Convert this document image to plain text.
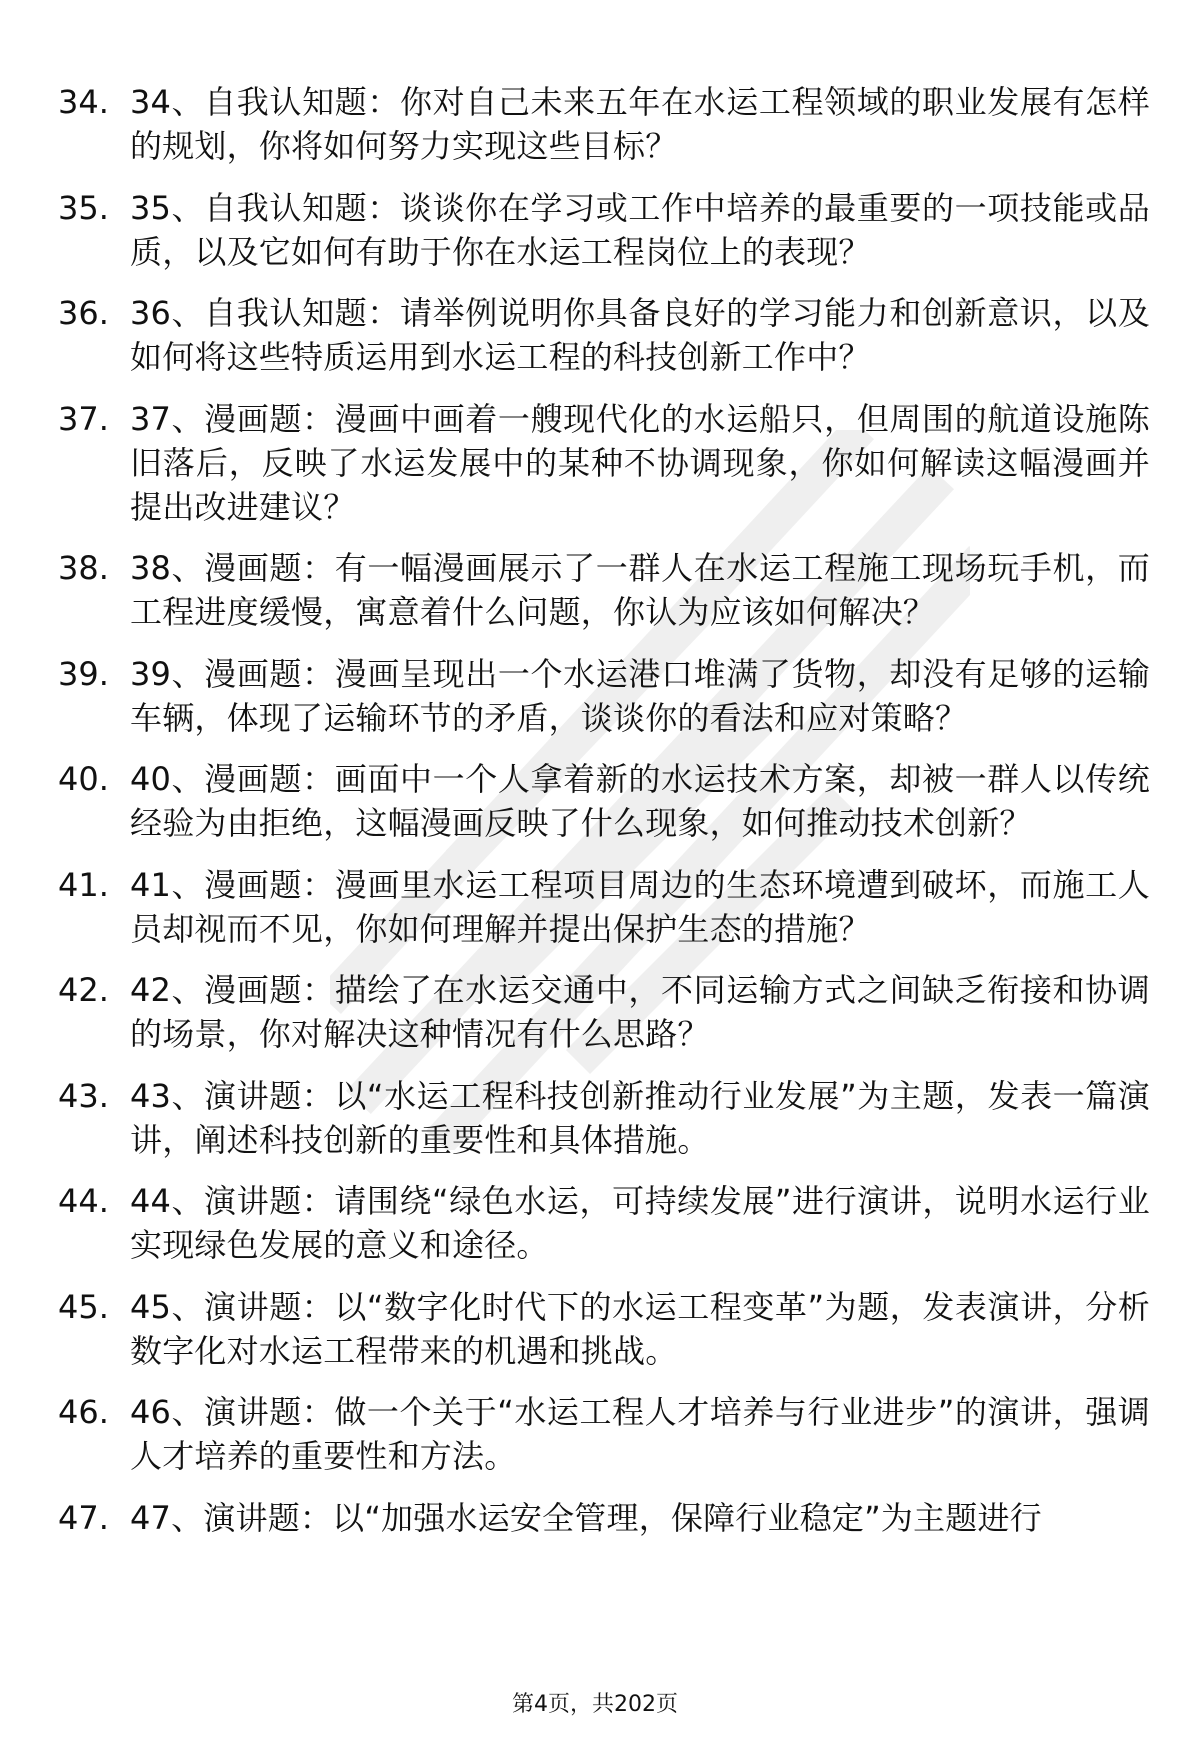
34. 34、自我认知题：你对自己未来五年在水运工程领域的职业发展有怎样的规划，你将如何努力实现这些目标？
35. 35、自我认知题：谈谈你在学习或工作中培养的最重要的一项技能或品质，以及它如何有助于你在水运工程岗位上的表现？
36. 36、自我认知题：请举例说明你具备良好的学习能力和创新意识，以及如何将这些特质运用到水运工程的科技创新工作中？
37. 37、漫画题：漫画中画着一艘现代化的水运船只，但周围的航道设施陈旧落后，反映了水运发展中的某种不协调现象，你如何解读这幅漫画并提出改进建议？
38. 38、漫画题：有一幅漫画展示了一群人在水运工程施工现场玩手机，而工程进度缓慢，寓意着什么问题，你认为应该如何解决？
39. 39、漫画题：漫画呈现出一个水运港口堆满了货物，却没有足够的运输车辆，体现了运输环节的矛盾，谈谈你的看法和应对策略？
40. 40、漫画题：画面中一个人拿着新的水运技术方案，却被一群人以传统经验为由拒绝，这幅漫画反映了什么现象，如何推动技术创新？
41. 41、漫画题：漫画里水运工程项目周边的生态环境遭到破坏，而施工人员却视而不见，你如何理解并提出保护生态的措施？
42. 42、漫画题：描绘了在水运交通中，不同运输方式之间缺乏衔接和协调的场景，你对解决这种情况有什么思路？
43. 43、演讲题：以“水运工程科技创新推动行业发展”为主题，发表一篇演讲，阐述科技创新的重要性和具体措施。
44. 44、演讲题：请围绕“绿色水运，可持续发展”进行演讲，说明水运行业实现绿色发展的意义和途径。
45. 45、演讲题：以“数字化时代下的水运工程变革”为题，发表演讲，分析数字化对水运工程带来的机遇和挑战。
46. 46、演讲题：做一个关于“水运工程人才培养与行业进步”的演讲，强调人才培养的重要性和方法。
47. 47、演讲题：以“加强水运安全管理，保障行业稳定”为主题进行
第4页，共202页
